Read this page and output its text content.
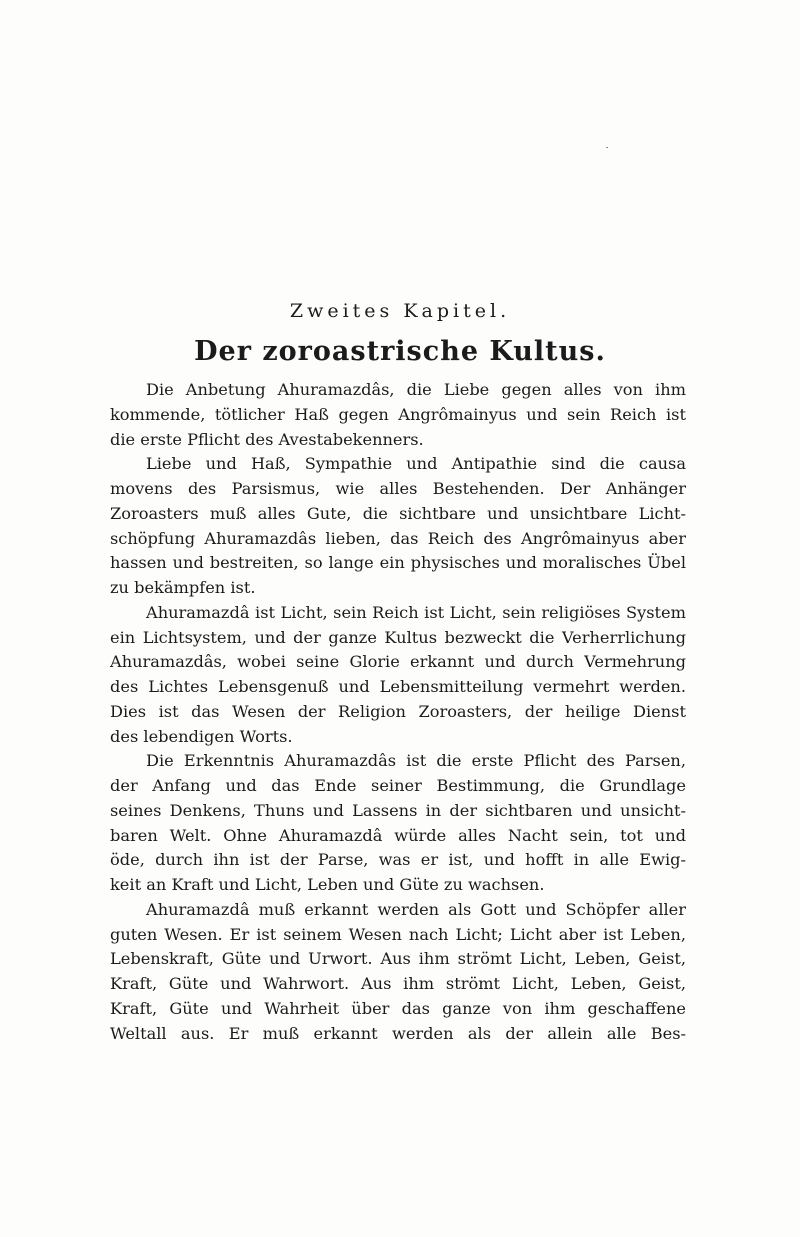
Zweites Kapitel.
Der zoroastrische Kultus.
Die Anbetung Ahuramazdâs, die Liebe gegen alles von ihm
kommende, tötlicher Haß gegen Angrômainyus und sein Reich ist
die erste Pflicht des Avestabekenners.
Liebe und Haß, Sympathie und Antipathie sind die causa
movens des Parsismus, wie alles Bestehenden. Der Anhänger
Zoroasters muß alles Gute, die sichtbare und unsichtbare Licht-
schöpfung Ahuramazdâs lieben, das Reich des Angrômainyus aber
hassen und bestreiten, so lange ein physisches und moralisches Übel
zu bekämpfen ist.
Ahuramazdâ ist Licht, sein Reich ist Licht, sein religiöses System
ein Lichtsystem, und der ganze Kultus bezweckt die Verherrlichung
Ahuramazdâs, wobei seine Glorie erkannt und durch Vermehrung
des Lichtes Lebensgenuß und Lebensmitteilung vermehrt werden.
Dies ist das Wesen der Religion Zoroasters, der heilige Dienst
des lebendigen Worts.
Die Erkenntnis Ahuramazdâs ist die erste Pflicht des Parsen,
der Anfang und das Ende seiner Bestimmung, die Grundlage
seines Denkens, Thuns und Lassens in der sichtbaren und unsicht-
baren Welt. Ohne Ahuramazdâ würde alles Nacht sein, tot und
öde, durch ihn ist der Parse, was er ist, und hofft in alle Ewig-
keit an Kraft und Licht, Leben und Güte zu wachsen.
Ahuramazdâ muß erkannt werden als Gott und Schöpfer aller
guten Wesen. Er ist seinem Wesen nach Licht; Licht aber ist Leben,
Lebenskraft, Güte und Urwort. Aus ihm strömt Licht, Leben, Geist,
Kraft, Güte und Wahrwort. Aus ihm strömt Licht, Leben, Geist,
Kraft, Güte und Wahrheit über das ganze von ihm geschaffene
Weltall aus. Er muß erkannt werden als der allein alle Bes-
